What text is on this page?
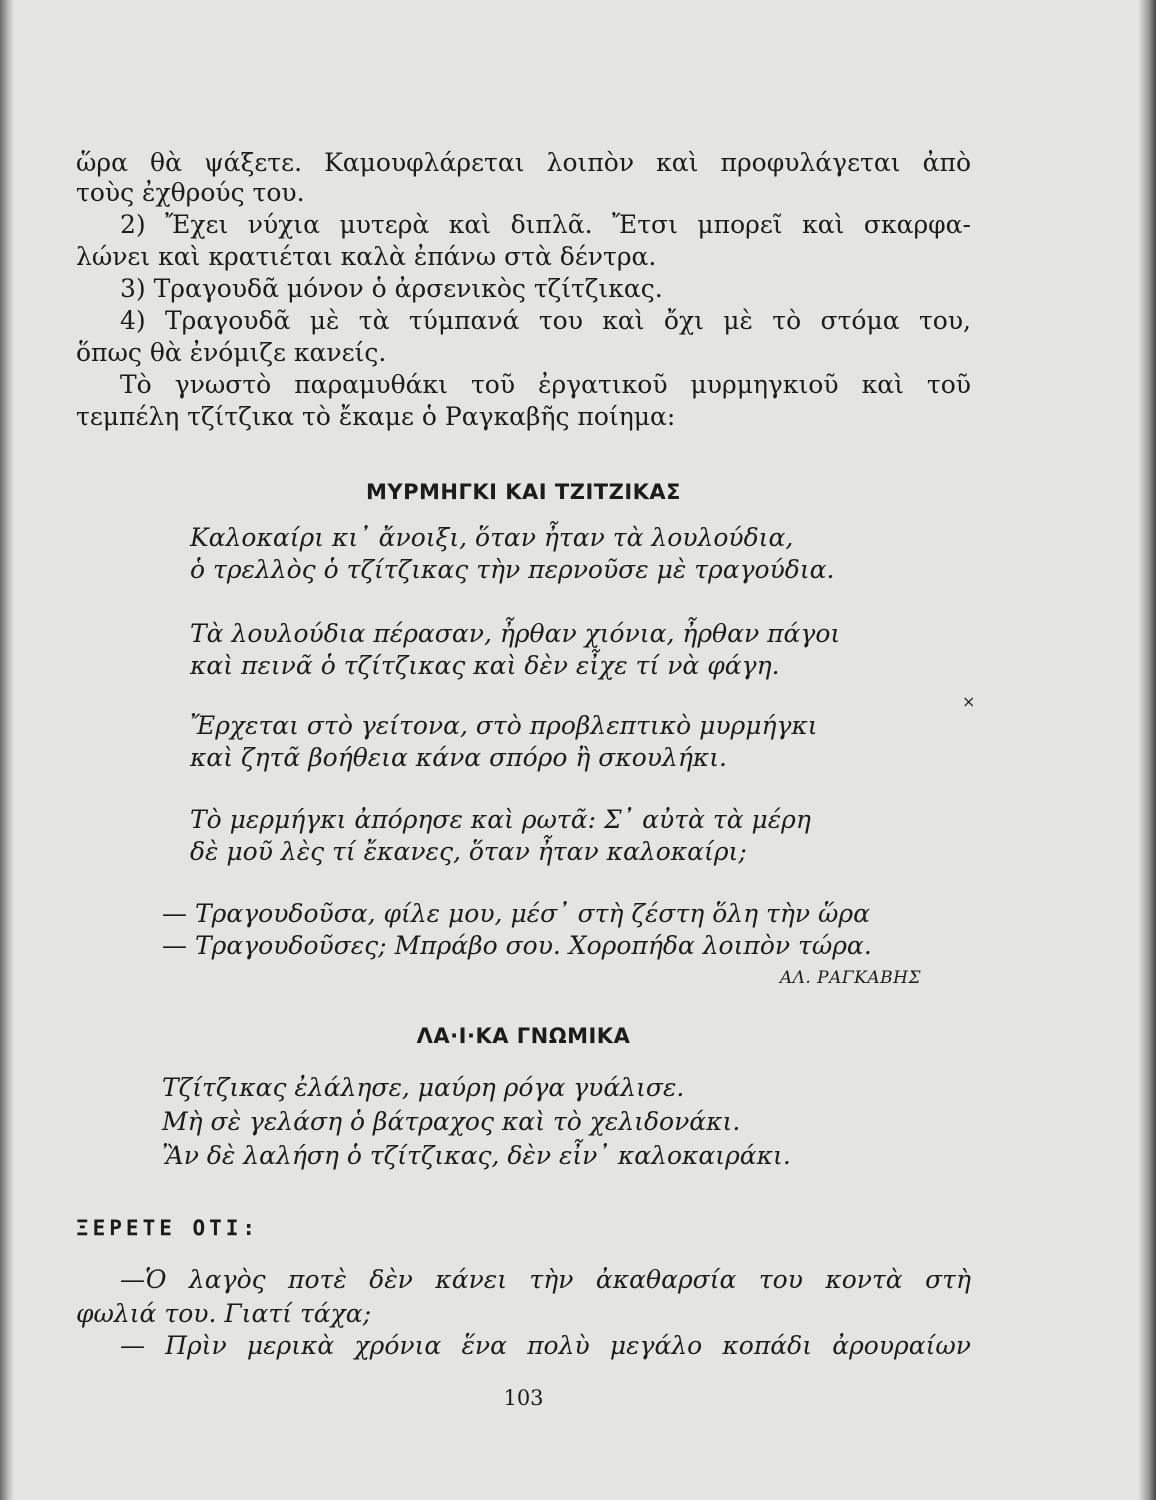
ὥρα θὰ ψάξετε. Καμουφλάρεται λοιπὸν καὶ προφυλάγεται ἀπὸ
τοὺς ἐχθρούς του.
2) Ἔχει νύχια μυτερὰ καὶ διπλᾶ. Ἔτσι μπορεῖ καὶ σκαρφα-
λώνει καὶ κρατιέται καλὰ ἐπάνω στὰ δέντρα.
3) Τραγουδᾶ μόνον ὁ ἀρσενικὸς τζίτζικας.
4) Τραγουδᾶ μὲ τὰ τύμπανά του καὶ ὄχι μὲ τὸ στόμα του,
ὅπως θὰ ἐνόμιζε κανείς.
Τὸ γνωστὸ παραμυθάκι τοῦ ἐργατικοῦ μυρμηγκιοῦ καὶ τοῦ
τεμπέλη τζίτζικα τὸ ἔκαμε ὁ Ραγκαβῆς ποίημα:
ΜΥΡΜΗΓΚΙ ΚΑΙ ΤΖΙΤΖΙΚΑΣ
Καλοκαίρι κι᾿ ἄνοιξι, ὅταν ἦταν τὰ λουλούδια,
ὁ τρελλὸς ὁ τζίτζικας τὴν περνοῦσε μὲ τραγούδια.
Τὰ λουλούδια πέρασαν, ἦρθαν χιόνια, ἦρθαν πάγοι
καὶ πεινᾶ ὁ τζίτζικας καὶ δὲν εἶχε τί νὰ φάγη.
Ἔρχεται στὸ γείτονα, στὸ προβλεπτικὸ μυρμήγκι
καὶ ζητᾶ βοήθεια κάνα σπόρο ἢ σκουλήκι.
Τὸ μερμήγκι ἀπόρησε καὶ ρωτᾶ: Σ᾿ αὐτὰ τὰ μέρη
δὲ μοῦ λὲς τί ἔκανες, ὅταν ἦταν καλοκαίρι;
— Τραγουδοῦσα, φίλε μου, μέσ᾿ στὴ ζέστη ὅλη τὴν ὥρα
— Τραγουδοῦσες; Μπράβο σου. Χοροπήδα λοιπὸν τώρα.
ΑΛ. ΡΑΓΚΑΒΗΣ
ΛΑ·Ι·ΚΑ ΓΝΩΜΙΚΑ
Τζίτζικας ἐλάλησε, μαύρη ρόγα γυάλισε.
Μὴ σὲ γελάση ὁ βάτραχος καὶ τὸ χελιδονάκι.
Ἂν δὲ λαλήση ὁ τζίτζικας, δὲν εἶν᾿ καλοκαιράκι.
ΞΕΡΕΤΕ ΟΤΙ:
—Ὁ λαγὸς ποτὲ δὲν κάνει τὴν ἀκαθαρσία του κοντὰ στὴ
φωλιά του. Γιατί τάχα;
— Πρὶν μερικὰ χρόνια ἕνα πολὺ μεγάλο κοπάδι ἀρουραίων
103
×
